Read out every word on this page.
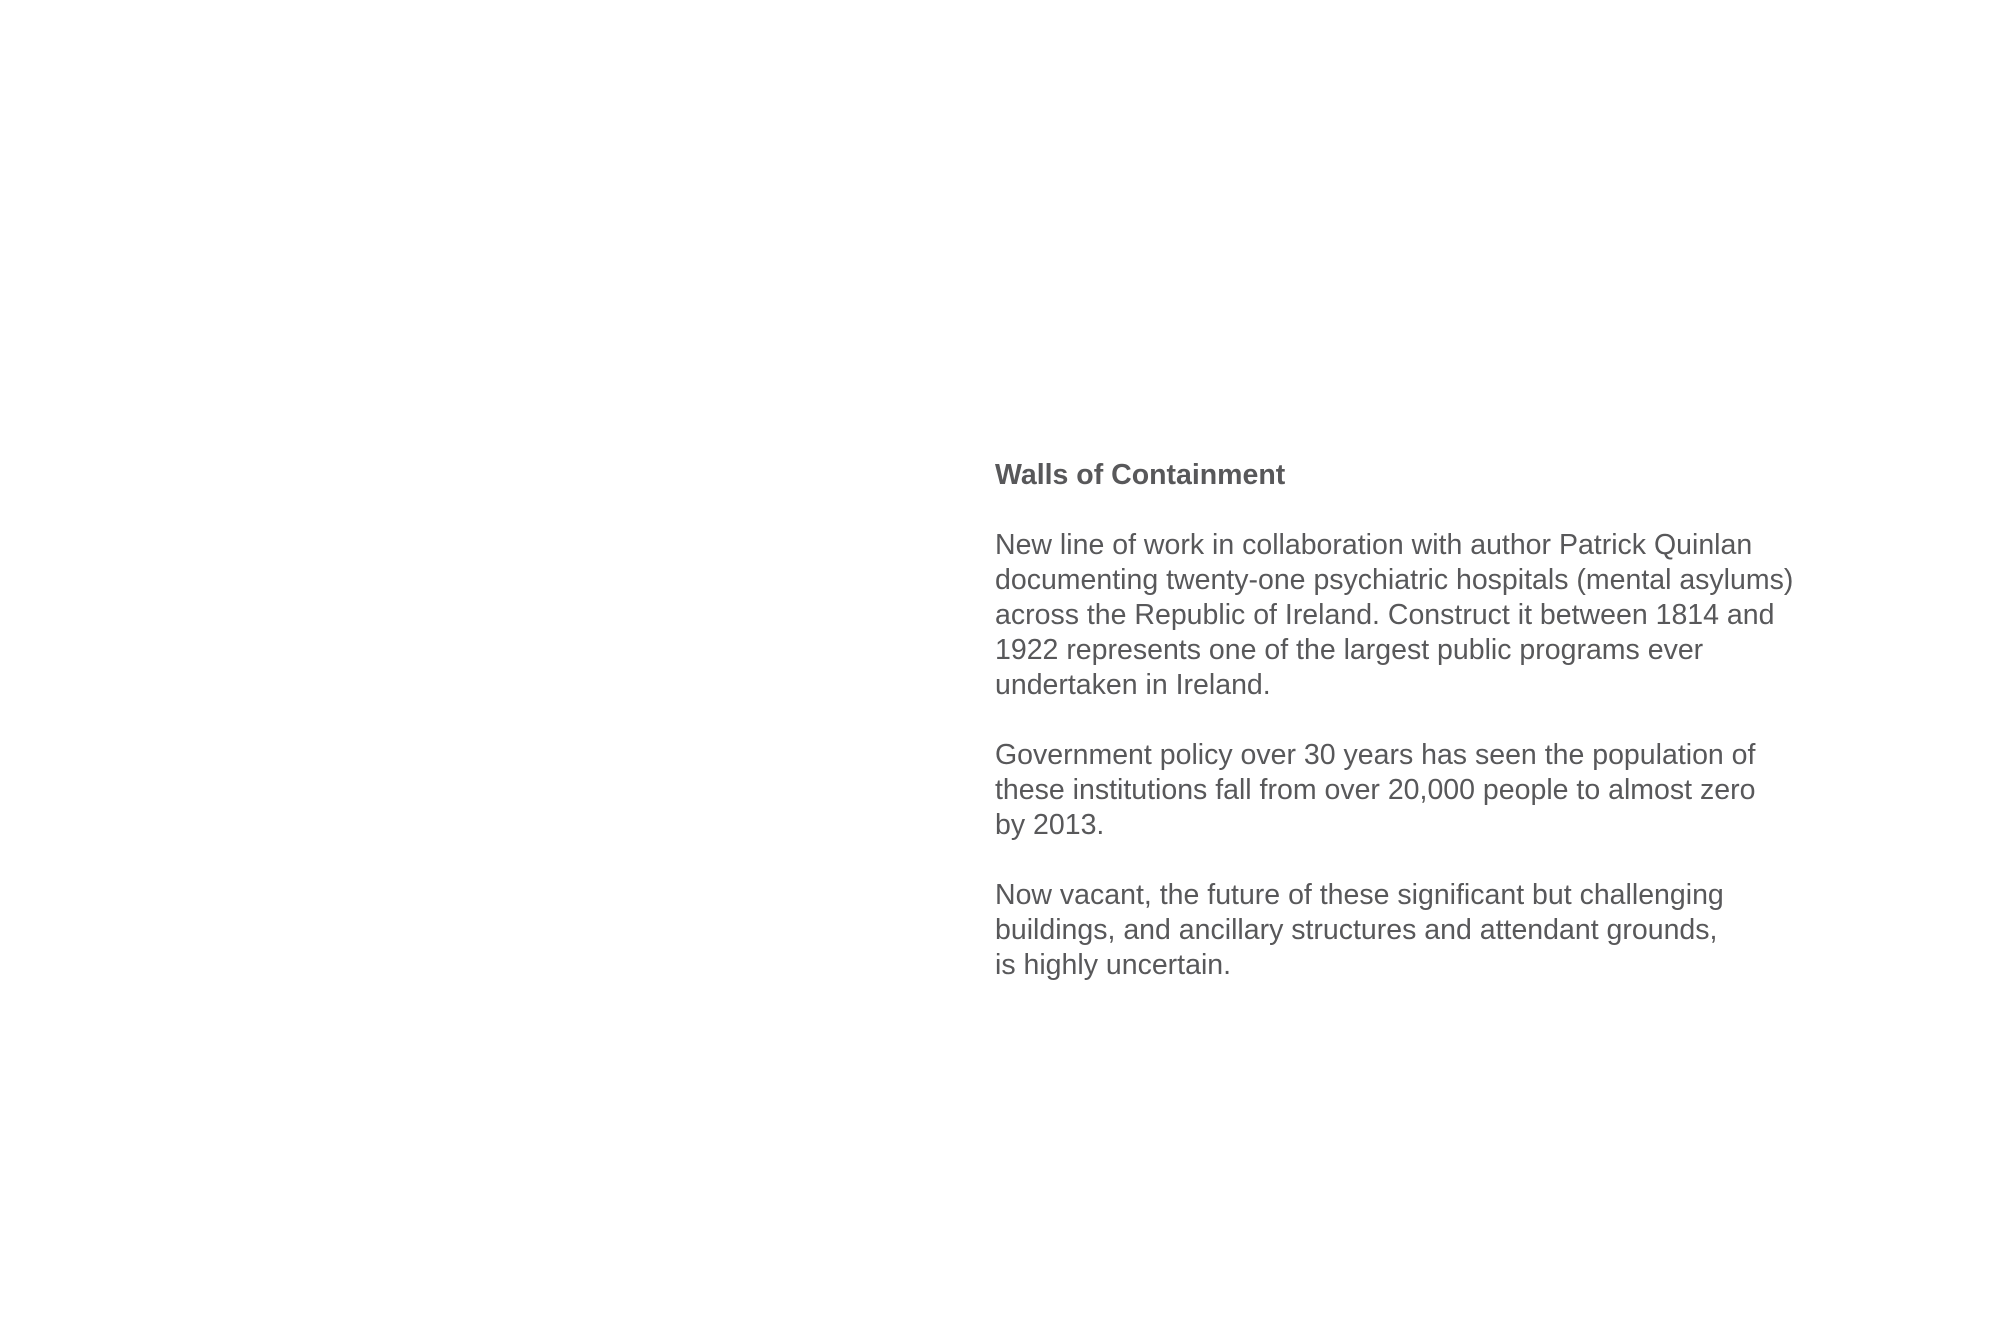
Walls of Containment

New line of work in collaboration with author Patrick Quinlan
documenting twenty-one psychiatric hospitals (mental asylums)
across the Republic of Ireland. Construct it between 1814 and
1922 represents one of the largest public programs ever
undertaken in Ireland.

Government policy over 30 years has seen the population of
these institutions fall from over 20,000 people to almost zero
by 2013.

Now vacant, the future of these significant but challenging
buildings, and ancillary structures and attendant grounds,
is highly uncertain.
